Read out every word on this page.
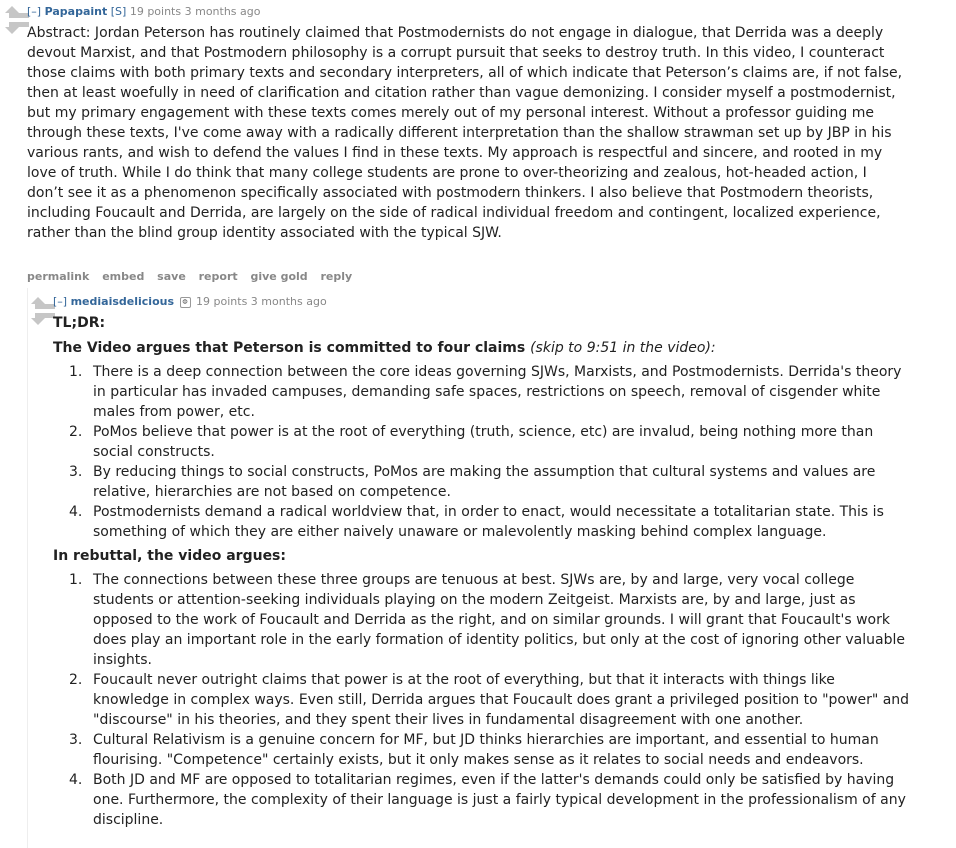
[–] Papapaint [S] 19 points 3 months ago
Abstract: Jordan Peterson has routinely claimed that Postmodernists do not engage in dialogue, that Derrida was a deeply devout Marxist, and that Postmodern philosophy is a corrupt pursuit that seeks to destroy truth. In this video, I counteract those claims with both primary texts and secondary interpreters, all of which indicate that Peterson’s claims are, if not false, then at least woefully in need of clarification and citation rather than vague demonizing. I consider myself a postmodernist, but my primary engagement with these texts comes merely out of my personal interest. Without a professor guiding me through these texts, I've come away with a radically different interpretation than the shallow strawman set up by JBP in his various rants, and wish to defend the values I find in these texts. My approach is respectful and sincere, and rooted in my love of truth. While I do think that many college students are prone to over-theorizing and zealous, hot-headed action, I don’t see it as a phenomenon specifically associated with postmodern thinkers. I also believe that Postmodern theorists, including Foucault and Derrida, are largely on the side of radical individual freedom and contingent, localized experience, rather than the blind group identity associated with the typical SJW.
permalink embed save report give gold reply
[–] mediaisdelicious Φ 19 points 3 months ago
TL;DR:
The Video argues that Peterson is committed to four claims (skip to 9:51 in the video):
1. There is a deep connection between the core ideas governing SJWs, Marxists, and Postmodernists. Derrida's theory in particular has invaded campuses, demanding safe spaces, restrictions on speech, removal of cisgender white males from power, etc.
2. PoMos believe that power is at the root of everything (truth, science, etc) are invalud, being nothing more than social constructs.
3. By reducing things to social constructs, PoMos are making the assumption that cultural systems and values are relative, hierarchies are not based on competence.
4. Postmodernists demand a radical worldview that, in order to enact, would necessitate a totalitarian state. This is something of which they are either naively unaware or malevolently masking behind complex language.
In rebuttal, the video argues:
1. The connections between these three groups are tenuous at best. SJWs are, by and large, very vocal college students or attention-seeking individuals playing on the modern Zeitgeist. Marxists are, by and large, just as opposed to the work of Foucault and Derrida as the right, and on similar grounds. I will grant that Foucault's work does play an important role in the early formation of identity politics, but only at the cost of ignoring other valuable insights.
2. Foucault never outright claims that power is at the root of everything, but that it interacts with things like knowledge in complex ways. Even still, Derrida argues that Foucault does grant a privileged position to "power" and "discourse" in his theories, and they spent their lives in fundamental disagreement with one another.
3. Cultural Relativism is a genuine concern for MF, but JD thinks hierarchies are important, and essential to human flourising. "Competence" certainly exists, but it only makes sense as it relates to social needs and endeavors.
4. Both JD and MF are opposed to totalitarian regimes, even if the latter's demands could only be satisfied by having one. Furthermore, the complexity of their language is just a fairly typical development in the professionalism of any discipline.
